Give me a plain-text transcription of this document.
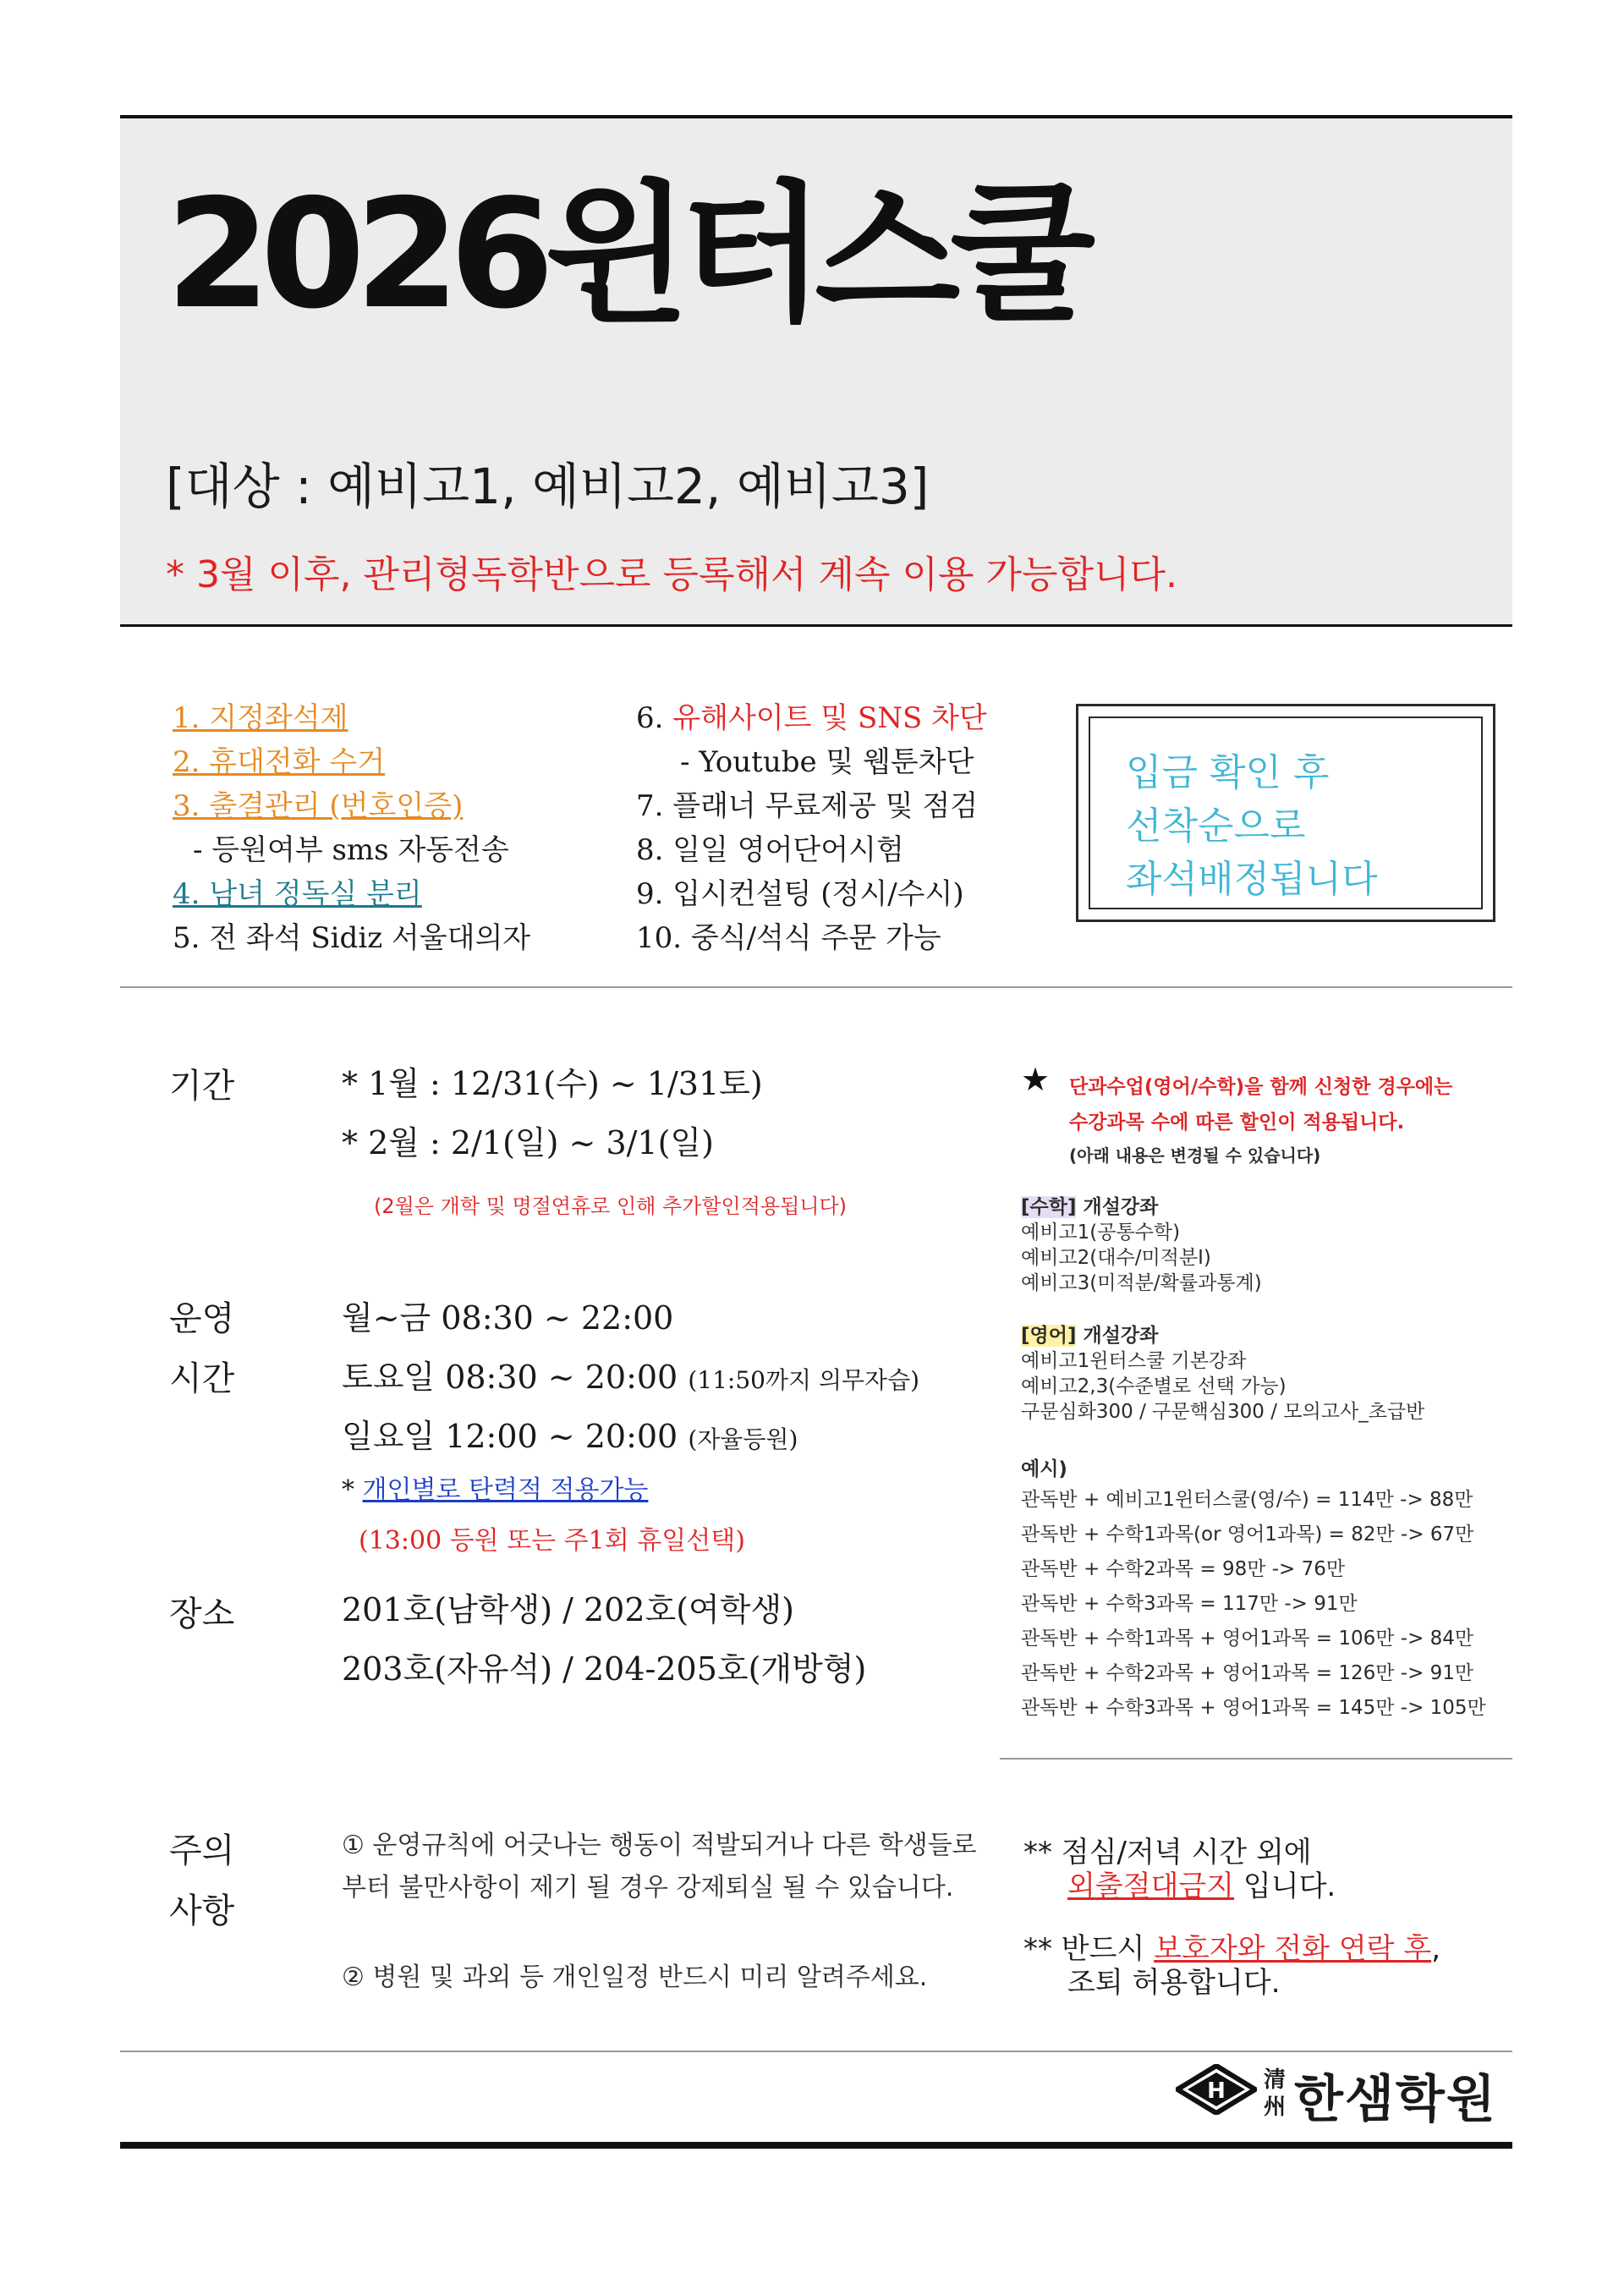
2026윈터스쿨
[대상 : 예비고1, 예비고2, 예비고3]
* 3월 이후, 관리형독학반으로 등록해서 계속 이용 가능합니다.
1. 지정좌석제
2. 휴대전화 수거
3. 출결관리 (번호인증)
- 등원여부 sms 자동전송
4. 남녀 정독실 분리
5. 전 좌석 Sidiz 서울대의자
6. 유해사이트 및 SNS 차단
- Youtube 및 웹툰차단
7. 플래너 무료제공 및 점검
8. 일일 영어단어시험
9. 입시컨설팅 (정시/수시)
10. 중식/석식 주문 가능
입금 확인 후
선착순으로
좌석배정됩니다
기간	* 1월 : 12/31(수) ~ 1/31토)
* 2월 : 2/1(일) ~ 3/1(일)
(2월은 개학 및 명절연휴로 인해 추가할인적용됩니다)
운영
시간
월~금 08:30 ~ 22:00
토요일 08:30 ~ 20:00 (11:50까지 의무자습)
일요일 12:00 ~ 20:00 (자율등원)
* 개인별로 탄력적 적용가능
(13:00 등원 또는 주1회 휴일선택)
장소	201호(남학생) / 202호(여학생)
203호(자유석) / 204-205호(개방형)
★ 단과수업(영어/수학)을 함께 신청한 경우에는
수강과목 수에 따른 할인이 적용됩니다.
(아래 내용은 변경될 수 있습니다)
[수학] 개설강좌
예비고1(공통수학)
예비고2(대수/미적분I)
예비고3(미적분/확률과통계)
[영어] 개설강좌
예비고1윈터스쿨 기본강좌
예비고2,3(수준별로 선택 가능)
구문심화300 / 구문핵심300 / 모의고사_초급반
예시)
관독반 + 예비고1윈터스쿨(영/수) = 114만 -> 88만
관독반 + 수학1과목(or 영어1과목) = 82만 -> 67만
관독반 + 수학2과목 = 98만 -> 76만
관독반 + 수학3과목 = 117만 -> 91만
관독반 + 수학1과목 + 영어1과목 = 106만 -> 84만
관독반 + 수학2과목 + 영어1과목 = 126만 -> 91만
관독반 + 수학3과목 + 영어1과목 = 145만 -> 105만
주의
사항
① 운영규칙에 어긋나는 행동이 적발되거나 다른 학생들로
부터 불만사항이 제기 될 경우 강제퇴실 될 수 있습니다.
② 병원 및 과외 등 개인일정 반드시 미리 알려주세요.
** 점심/저녁 시간 외에
외출절대금지 입니다.
** 반드시 보호자와 전화 연락 후,
조퇴 허용합니다.
H 清
州 한샘학원
